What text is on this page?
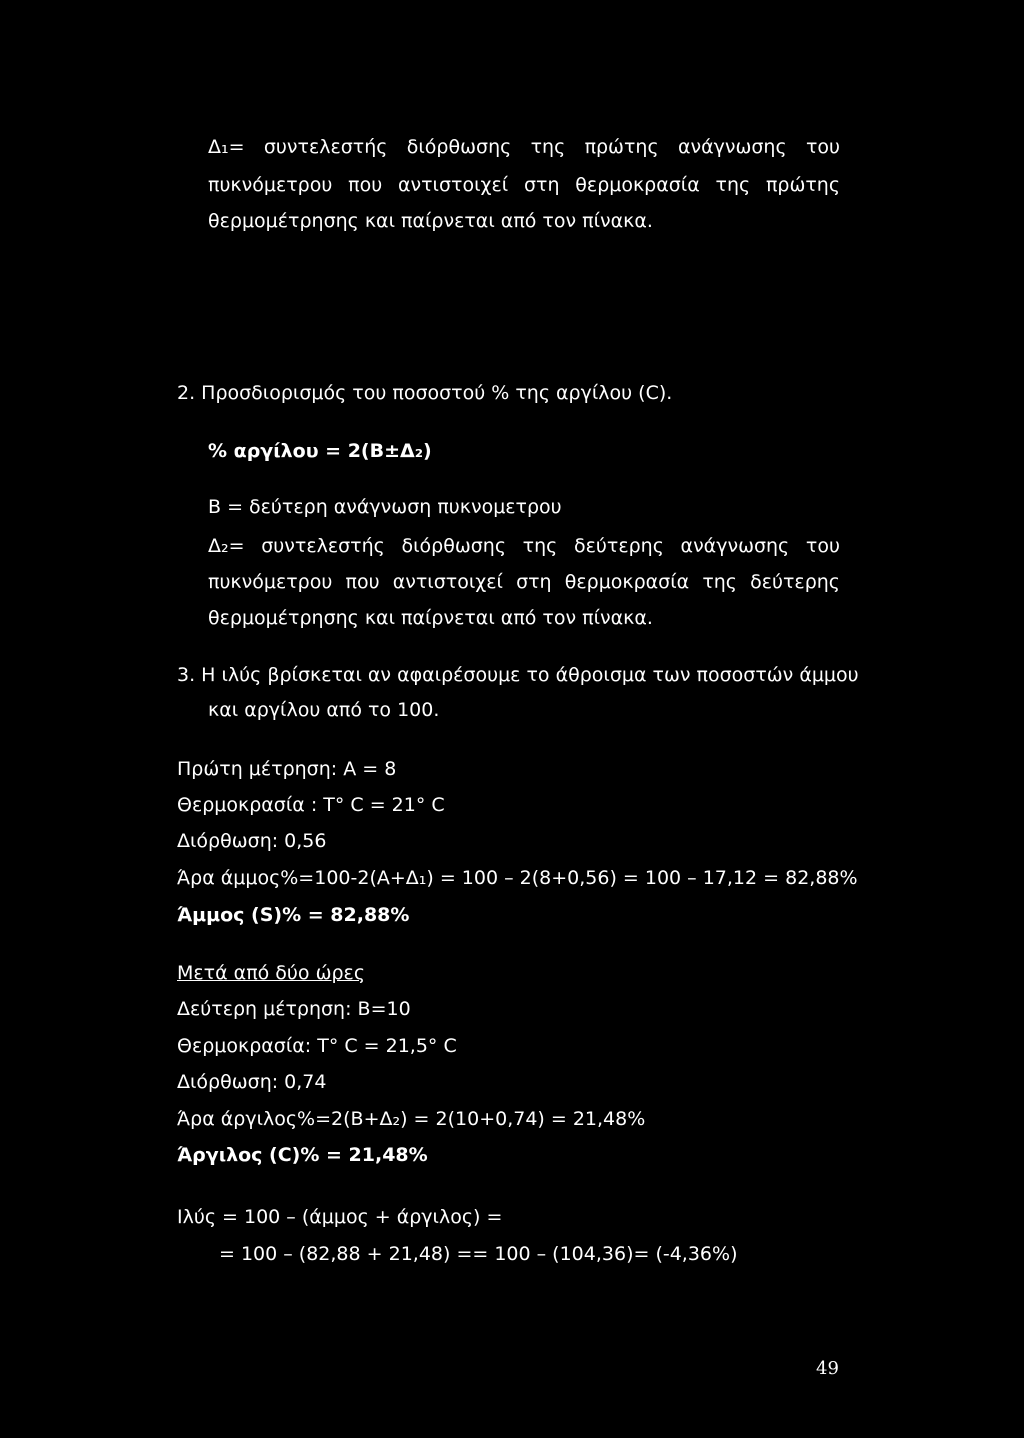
Δ₁= συντελεστής διόρθωσης της πρώτης ανάγνωσης του
πυκνόμετρου που αντιστοιχεί στη θερμοκρασία της πρώτης
θερμομέτρησης και παίρνεται από τον πίνακα.
2. Προσδιορισμός του ποσοστού % της αργίλου (C).
% αργίλου = 2(Β±Δ₂)
Β = δεύτερη ανάγνωση πυκνομετρου
Δ₂= συντελεστής διόρθωσης της δεύτερης ανάγνωσης του
πυκνόμετρου που αντιστοιχεί στη θερμοκρασία της δεύτερης
θερμομέτρησης και παίρνεται από τον πίνακα.
3. Η ιλύς βρίσκεται αν αφαιρέσουμε το άθροισμα των ποσοστών άμμου
και αργίλου από το 100.
Πρώτη μέτρηση: Α = 8
Θερμοκρασία : Τ° C = 21° C
Διόρθωση: 0,56
Άρα άμμος%=100-2(Α+Δ₁) = 100 – 2(8+0,56) = 100 – 17,12 = 82,88%
Άμμος (S)% = 82,88%
Μετά από δύο ώρες
Δεύτερη μέτρηση: Β=10
Θερμοκρασία: Τ° C = 21,5° C
Διόρθωση: 0,74
Άρα άργιλος%=2(Β+Δ₂) = 2(10+0,74) = 21,48%
Άργιλος (C)% = 21,48%
Ιλύς = 100 – (άμμος + άργιλος) =
= 100 – (82,88 + 21,48) == 100 – (104,36)= (-4,36%)
49
